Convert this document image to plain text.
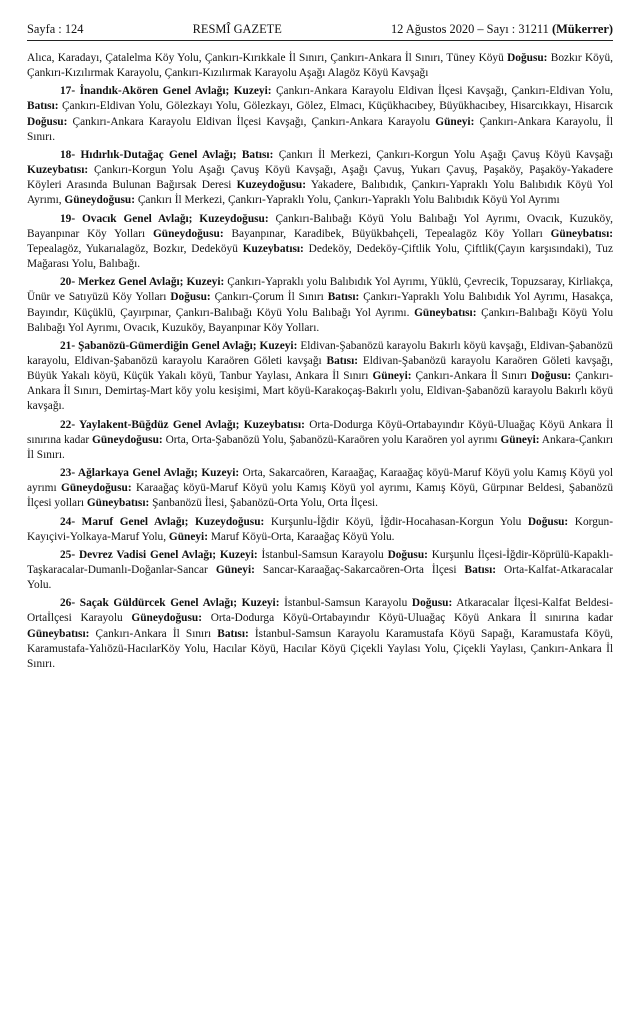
Sayfa : 124	RESMÎ GAZETE	12 Ağustos 2020 – Sayı : 31211 (Mükerrer)

Alıca, Karadayı, Çatalelma Köy Yolu, Çankırı-Kırıkkale İl Sınırı, Çankırı-Ankara İl Sınırı, Tüney Köyü Doğusu: Bozkır Köyü, Çankırı-Kızılırmak Karayolu, Çankırı-Kızılırmak Karayolu Aşağı Alagöz Köyü Kavşağı

17- İnandık-Akören Genel Avlağı; Kuzeyi: Çankırı-Ankara Karayolu Eldivan İlçesi Kavşağı, Çankırı-Eldivan Yolu, Batısı: Çankırı-Eldivan Yolu, Gölezkayı Yolu, Gölezkayı, Gölez, Elmacı, Küçükhacıbey, Büyükhacıbey, Hisarcıkkayı, Hisarcık Doğusu: Çankırı-Ankara Karayolu Eldivan İlçesi Kavşağı, Çankırı-Ankara Karayolu Güneyi: Çankırı-Ankara Karayolu, İl Sınırı.

18- Hıdırlık-Dutağaç Genel Avlağı; Batısı: Çankırı İl Merkezi, Çankırı-Korgun Yolu Aşağı Çavuş Köyü Kavşağı Kuzeybatısı: Çankırı-Korgun Yolu Aşağı Çavuş Köyü Kavşağı, Aşağı Çavuş, Yukarı Çavuş, Paşaköy, Paşaköy-Yakadere Köyleri Arasında Bulunan Bağırsak Deresi Kuzeydoğusu: Yakadere, Balıbıdık, Çankırı-Yapraklı Yolu Balıbıdık Köyü Yol Ayrımı, Güneydoğusu: Çankırı İl Merkezi, Çankırı-Yapraklı Yolu, Çankırı-Yapraklı Yolu Balıbıdık Köyü Yol Ayrımı

19- Ovacık Genel Avlağı; Kuzeydoğusu: Çankırı-Balıbağı Köyü Yolu Balıbağı Yol Ayrımı, Ovacık, Kuzuköy, Bayanpınar Köy Yolları Güneydoğusu: Bayanpınar, Karadibek, Büyükbahçeli, Tepealagöz Köy Yolları Güneybatısı: Tepealagöz, Yukarıalagöz, Bozkır, Dedeköyü Kuzeybatısı: Dedeköy, Dedeköy-Çiftlik Yolu, Çiftlik(Çayın karşısındaki), Tuz Mağarası Yolu, Balıbağı.

20- Merkez Genel Avlağı; Kuzeyi: Çankırı-Yapraklı yolu Balıbıdık Yol Ayrımı, Yüklü, Çevrecik, Topuzsaray, Kirliakça, Ünür ve Satıyüzü Köy Yolları Doğusu: Çankırı-Çorum İl Sınırı Batısı: Çankırı-Yapraklı Yolu Balıbıdık Yol Ayrımı, Hasakça, Bayındır, Küçüklü, Çayırpınar, Çankırı-Balıbağı Köyü Yolu Balıbağı Yol Ayrımı. Güneybatısı: Çankırı-Balıbağı Köyü Yolu Balıbağı Yol Ayrımı, Ovacık, Kuzuköy, Bayanpınar Köy Yolları.

21- Şabanözü-Gümerdiğin Genel Avlağı; Kuzeyi: Eldivan-Şabanözü karayolu Bakırlı köyü kavşağı, Eldivan-Şabanözü karayolu, Eldivan-Şabanözü karayolu Karaören Göleti kavşağı Batısı: Eldivan-Şabanözü karayolu Karaören Göleti kavşağı, Büyük Yakalı köyü, Küçük Yakalı köyü, Tanbur Yaylası, Ankara İl Sınırı Güneyi: Çankırı-Ankara İl Sınırı Doğusu: Çankırı-Ankara İl Sınırı, Demirtaş-Mart köy yolu kesişimi, Mart köyü-Karakoçaş-Bakırlı yolu, Eldivan-Şabanözü karayolu Bakırlı köyü kavşağı.

22- Yaylakent-Büğdüz Genel Avlağı; Kuzeybatısı: Orta-Dodurga Köyü-Ortabayındır Köyü-Uluağaç Köyü Ankara İl sınırına kadar Güneydoğusu: Orta, Orta-Şabanözü Yolu, Şabanözü-Karaören yolu Karaören yol ayrımı Güneyi: Ankara-Çankırı İl Sınırı.

23- Ağlarkaya Genel Avlağı; Kuzeyi: Orta, Sakarcaören, Karaağaç, Karaağaç köyü-Maruf Köyü yolu Kamış Köyü yol ayrımı Güneydoğusu: Karaağaç köyü-Maruf Köyü yolu Kamış Köyü yol ayrımı, Kamış Köyü, Gürpınar Beldesi, Şabanözü İlçesi yolları Güneybatısı: Şanbanözü İlesi, Şabanözü-Orta Yolu, Orta İlçesi.

24- Maruf Genel Avlağı; Kuzeydoğusu: Kurşunlu-İğdir Köyü, İğdir-Hocahasan-Korgun Yolu Doğusu: Korgun-Kayıçivi-Yolkaya-Maruf Yolu, Güneyi: Maruf Köyü-Orta, Karaağaç Köyü Yolu.

25- Devrez Vadisi Genel Avlağı; Kuzeyi: İstanbul-Samsun Karayolu Doğusu: Kurşunlu İlçesi-İğdir-Köprülü-Kapaklı-Taşkaracalar-Dumanlı-Doğanlar-Sancar Güneyi: Sancar-Karaağaç-Sakarcaören-Orta İlçesi Batısı: Orta-Kalfat-Atkaracalar Yolu.

26- Saçak Güldürcek Genel Avlağı; Kuzeyi: İstanbul-Samsun Karayolu Doğusu: Atkaracalar İlçesi-Kalfat Beldesi-Ortaİlçesi Karayolu Güneydoğusu: Orta-Dodurga Köyü-Ortabayındır Köyü-Uluağaç Köyü Ankara İl sınırına kadar Güneybatısı: Çankırı-Ankara İl Sınırı Batısı: İstanbul-Samsun Karayolu Karamustafa Köyü Sapağı, Karamustafa Köyü, Karamustafa-Yalıözü-HacılarKöy Yolu, Hacılar Köyü, Hacılar Köyü Çiçekli Yaylası Yolu, Çiçekli Yaylası, Çankırı-Ankara İl Sınırı.
